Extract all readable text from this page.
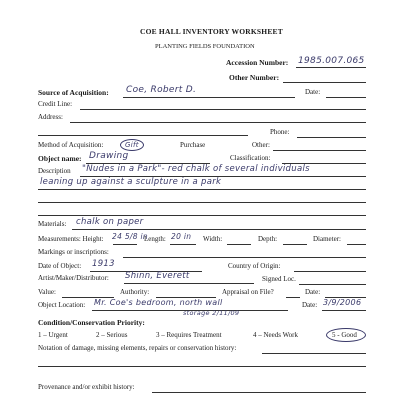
COE HALL INVENTORY WORKSHEET
PLANTING FIELDS FOUNDATION
Accession Number: 1985.007.065
Other Number:
Source of Acquisition: Coe, Robert D.	Date:
Credit Line:
Address:
Phone:
Method of Acquisition:	Gift	Purchase	Other:
Object name: Drawing	Classification:
Description "Nudes in a Park"- red chalk of several individuals
leaning up against a sculpture in a park
Materials: chalk on paper
Measurements: Height: 24 5/8 in
Length: 20 in Width:	Depth:	Diameter:
Markings or inscriptions:
Date of Object: 1913	Country of Origin:
Artist/Maker/Distributor: Shinn, Everett	Signed Loc.
Value:	Authority:	Appraisal on File?	Date:
Object Location: Mr. Coe's bedroom, north wall
storage 2/11/09
Date: 3/9/2006
Condition/Conservation Priority:
1 – Urgent	2 – Serious	3 – Requires Treatment	4 – Needs Work	5 - Good
Notation of damage, missing elements, repairs or conservation history:
Provenance and/or exhibit history:
